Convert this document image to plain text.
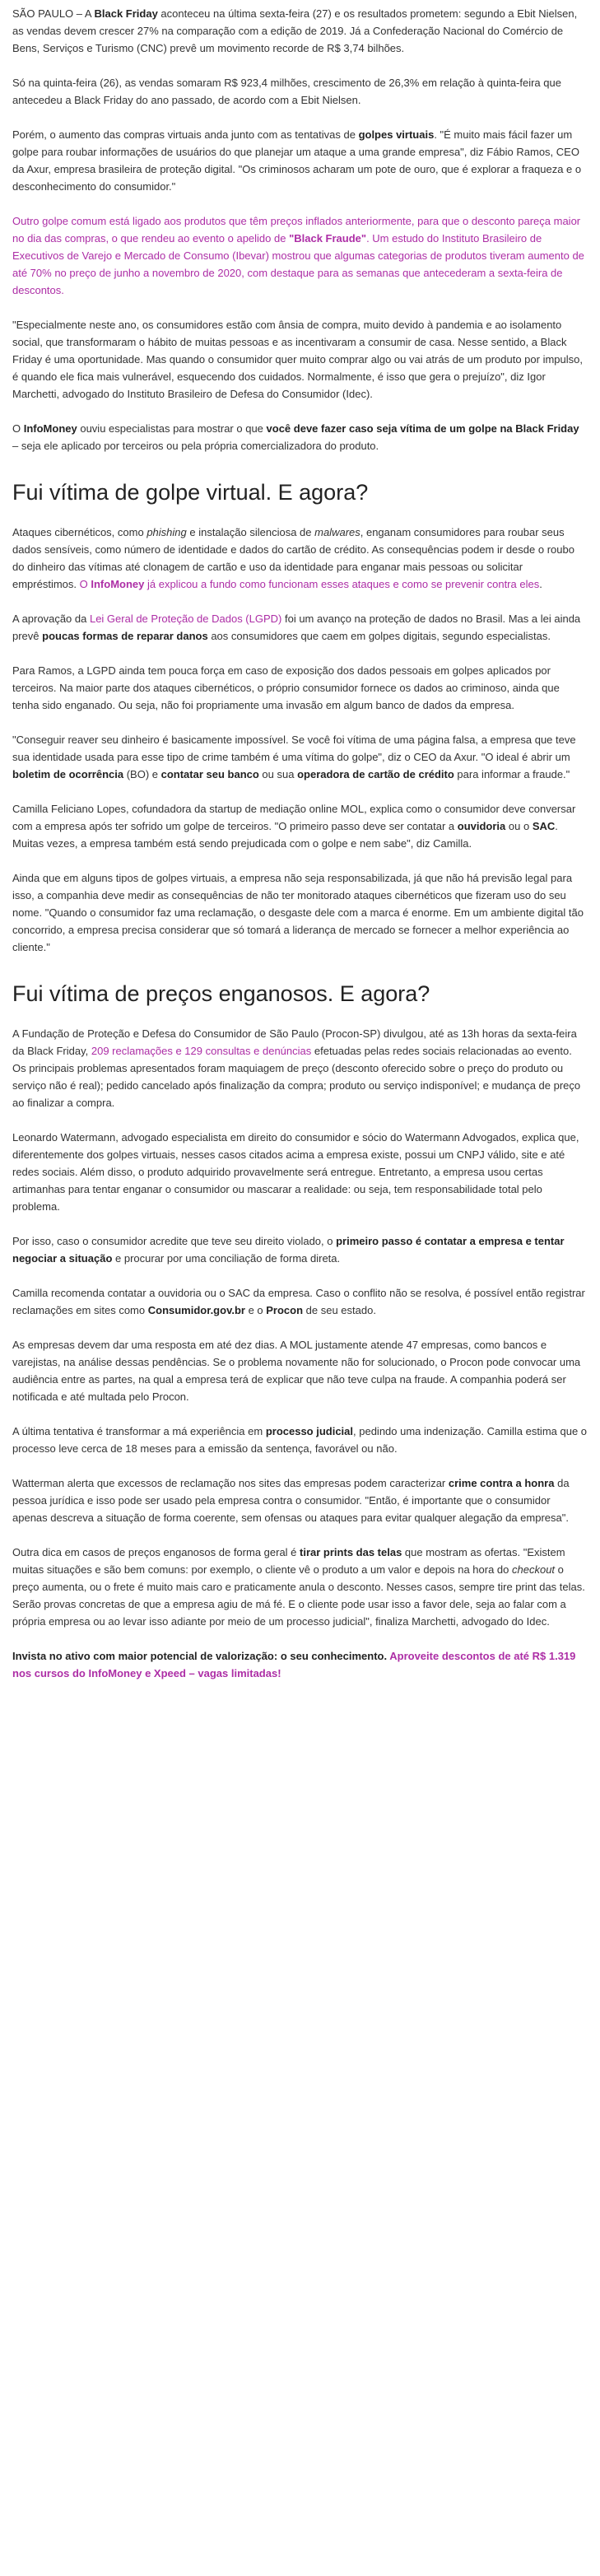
SÃO PAULO – A Black Friday aconteceu na última sexta-feira (27) e os resultados prometem: segundo a Ebit Nielsen, as vendas devem crescer 27% na comparação com a edição de 2019. Já a Confederação Nacional do Comércio de Bens, Serviços e Turismo (CNC) prevê um movimento recorde de R$ 3,74 bilhões.

Só na quinta-feira (26), as vendas somaram R$ 923,4 milhões, crescimento de 26,3% em relação à quinta-feira que antecedeu a Black Friday do ano passado, de acordo com a Ebit Nielsen.

Porém, o aumento das compras virtuais anda junto com as tentativas de golpes virtuais. "É muito mais fácil fazer um golpe para roubar informações de usuários do que planejar um ataque a uma grande empresa", diz Fábio Ramos, CEO da Axur, empresa brasileira de proteção digital. "Os criminosos acharam um pote de ouro, que é explorar a fraqueza e o desconhecimento do consumidor."

Outro golpe comum está ligado aos produtos que têm preços inflados anteriormente, para que o desconto pareça maior no dia das compras, o que rendeu ao evento o apelido de "Black Fraude". Um estudo do Instituto Brasileiro de Executivos de Varejo e Mercado de Consumo (Ibevar) mostrou que algumas categorias de produtos tiveram aumento de até 70% no preço de junho a novembro de 2020, com destaque para as semanas que antecederam a sexta-feira de descontos.

"Especialmente neste ano, os consumidores estão com ânsia de compra, muito devido à pandemia e ao isolamento social, que transformaram o hábito de muitas pessoas e as incentivaram a consumir de casa. Nesse sentido, a Black Friday é uma oportunidade. Mas quando o consumidor quer muito comprar algo ou vai atrás de um produto por impulso, é quando ele fica mais vulnerável, esquecendo dos cuidados. Normalmente, é isso que gera o prejuízo", diz Igor Marchetti, advogado do Instituto Brasileiro de Defesa do Consumidor (Idec).

O InfoMoney ouviu especialistas para mostrar o que você deve fazer caso seja vítima de um golpe na Black Friday – seja ele aplicado por terceiros ou pela própria comercializadora do produto.

Fui vítima de golpe virtual. E agora?

Ataques cibernéticos, como phishing e instalação silenciosa de malwares, enganam consumidores para roubar seus dados sensíveis, como número de identidade e dados do cartão de crédito. As consequências podem ir desde o roubo do dinheiro das vítimas até clonagem de cartão e uso da identidade para enganar mais pessoas ou solicitar empréstimos. O InfoMoney já explicou a fundo como funcionam esses ataques e como se prevenir contra eles.

A aprovação da Lei Geral de Proteção de Dados (LGPD) foi um avanço na proteção de dados no Brasil. Mas a lei ainda prevê poucas formas de reparar danos aos consumidores que caem em golpes digitais, segundo especialistas.

Para Ramos, a LGPD ainda tem pouca força em caso de exposição dos dados pessoais em golpes aplicados por terceiros. Na maior parte dos ataques cibernéticos, o próprio consumidor fornece os dados ao criminoso, ainda que tenha sido enganado. Ou seja, não foi propriamente uma invasão em algum banco de dados da empresa.

"Conseguir reaver seu dinheiro é basicamente impossível. Se você foi vítima de uma página falsa, a empresa que teve sua identidade usada para esse tipo de crime também é uma vítima do golpe", diz o CEO da Axur. "O ideal é abrir um boletim de ocorrência (BO) e contatar seu banco ou sua operadora de cartão de crédito para informar a fraude."

Camilla Feliciano Lopes, cofundadora da startup de mediação online MOL, explica como o consumidor deve conversar com a empresa após ter sofrido um golpe de terceiros. "O primeiro passo deve ser contatar a ouvidoria ou o SAC. Muitas vezes, a empresa também está sendo prejudicada com o golpe e nem sabe", diz Camilla.

Ainda que em alguns tipos de golpes virtuais, a empresa não seja responsabilizada, já que não há previsão legal para isso, a companhia deve medir as consequências de não ter monitorado ataques cibernéticos que fizeram uso do seu nome. "Quando o consumidor faz uma reclamação, o desgaste dele com a marca é enorme. Em um ambiente digital tão concorrido, a empresa precisa considerar que só tomará a liderança de mercado se fornecer a melhor experiência ao cliente."

Fui vítima de preços enganosos. E agora?

A Fundação de Proteção e Defesa do Consumidor de São Paulo (Procon-SP) divulgou, até as 13h horas da sexta-feira da Black Friday, 209 reclamações e 129 consultas e denúncias efetuadas pelas redes sociais relacionadas ao evento. Os principais problemas apresentados foram maquiagem de preço (desconto oferecido sobre o preço do produto ou serviço não é real); pedido cancelado após finalização da compra; produto ou serviço indisponível; e mudança de preço ao finalizar a compra.

Leonardo Watermann, advogado especialista em direito do consumidor e sócio do Watermann Advogados, explica que, diferentemente dos golpes virtuais, nesses casos citados acima a empresa existe, possui um CNPJ válido, site e até redes sociais. Além disso, o produto adquirido provavelmente será entregue. Entretanto, a empresa usou certas artimanhas para tentar enganar o consumidor ou mascarar a realidade: ou seja, tem responsabilidade total pelo problema.

Por isso, caso o consumidor acredite que teve seu direito violado, o primeiro passo é contatar a empresa e tentar negociar a situação e procurar por uma conciliação de forma direta.

Camilla recomenda contatar a ouvidoria ou o SAC da empresa. Caso o conflito não se resolva, é possível então registrar reclamações em sites como Consumidor.gov.br e o Procon de seu estado.

As empresas devem dar uma resposta em até dez dias. A MOL justamente atende 47 empresas, como bancos e varejistas, na análise dessas pendências. Se o problema novamente não for solucionado, o Procon pode convocar uma audiência entre as partes, na qual a empresa terá de explicar que não teve culpa na fraude. A companhia poderá ser notificada e até multada pelo Procon.

A última tentativa é transformar a má experiência em processo judicial, pedindo uma indenização. Camilla estima que o processo leve cerca de 18 meses para a emissão da sentença, favorável ou não.

Watterman alerta que excessos de reclamação nos sites das empresas podem caracterizar crime contra a honra da pessoa jurídica e isso pode ser usado pela empresa contra o consumidor. "Então, é importante que o consumidor apenas descreva a situação de forma coerente, sem ofensas ou ataques para evitar qualquer alegação da empresa".

Outra dica em casos de preços enganosos de forma geral é tirar prints das telas que mostram as ofertas. "Existem muitas situações e são bem comuns: por exemplo, o cliente vê o produto a um valor e depois na hora do checkout o preço aumenta, ou o frete é muito mais caro e praticamente anula o desconto. Nesses casos, sempre tire print das telas. Serão provas concretas de que a empresa agiu de má fé. E o cliente pode usar isso a favor dele, seja ao falar com a própria empresa ou ao levar isso adiante por meio de um processo judicial", finaliza Marchetti, advogado do Idec.

Invista no ativo com maior potencial de valorização: o seu conhecimento. Aproveite descontos de até R$ 1.319 nos cursos do InfoMoney e Xpeed – vagas limitadas!
